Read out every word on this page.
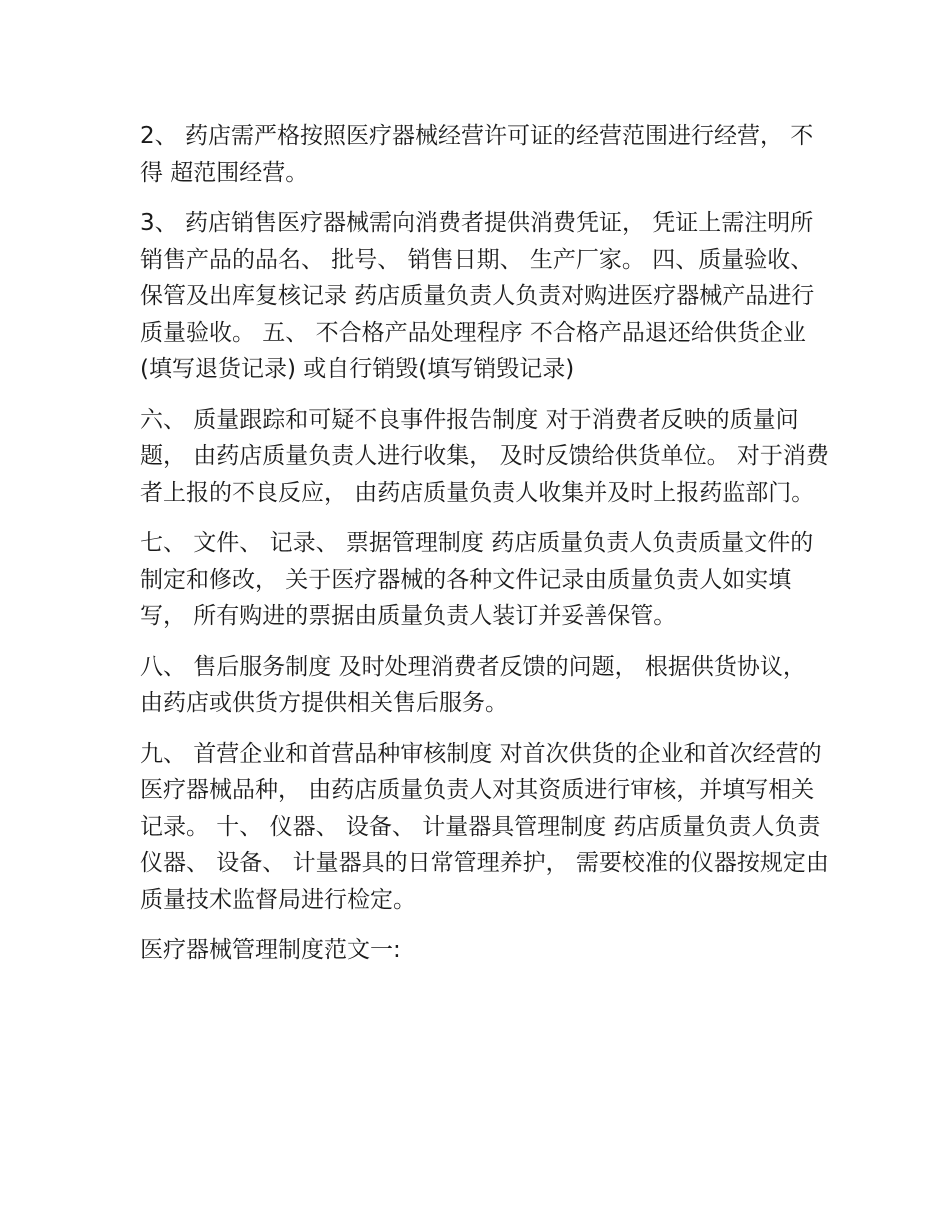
2、 药店需严格按照医疗器械经营许可证的经营范围进行经营， 不得 超范围经营。

3、 药店销售医疗器械需向消费者提供消费凭证， 凭证上需注明所销售产品的品名、 批号、 销售日期、 生产厂家。 四、质量验收、 保管及出库复核记录 药店质量负责人负责对购进医疗器械产品进行质量验收。 五、 不合格产品处理程序 不合格产品退还给供货企业(填写退货记录) 或自行销毁(填写销毁记录)

六、 质量跟踪和可疑不良事件报告制度 对于消费者反映的质量问题， 由药店质量负责人进行收集， 及时反馈给供货单位。 对于消费者上报的不良反应， 由药店质量负责人收集并及时上报药监部门。

七、 文件、 记录、 票据管理制度 药店质量负责人负责质量文件的制定和修改， 关于医疗器械的各种文件记录由质量负责人如实填写， 所有购进的票据由质量负责人装订并妥善保管。

八、 售后服务制度 及时处理消费者反馈的问题， 根据供货协议， 由药店或供货方提供相关售后服务。

九、 首营企业和首营品种审核制度 对首次供货的企业和首次经营的医疗器械品种， 由药店质量负责人对其资质进行审核，并填写相关记录。 十、 仪器、 设备、 计量器具管理制度 药店质量负责人负责仪器、 设备、 计量器具的日常管理养护， 需要校准的仪器按规定由质量技术监督局进行检定。

医疗器械管理制度范文一:
